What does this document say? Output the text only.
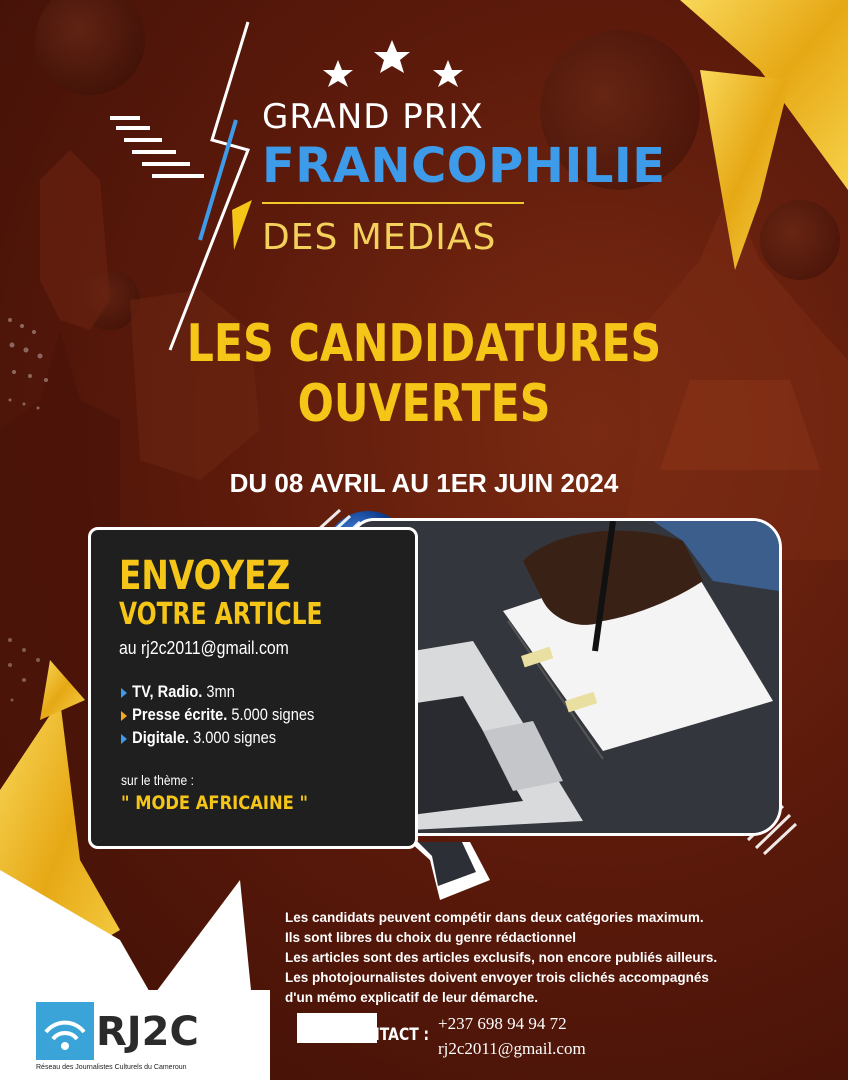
GRAND PRIX
FRANCOPHILIE
DES MEDIAS
LES CANDIDATURES
OUVERTES
DU 08 AVRIL AU 1ER JUIN 2024
ENVOYEZ
VOTRE ARTICLE
au rj2c2011@gmail.com
TV, Radio. 3mn
Presse écrite. 5.000 signes
Digitale. 3.000 signes
sur le thème :
" MODE AFRICAINE "
Les candidats peuvent compétir dans deux catégories maximum.
Ils sont libres du choix du genre rédactionnel
Les articles sont des articles exclusifs, non encore publiés ailleurs.
Les photojournalistes doivent envoyer trois clichés accompagnés
d'un mémo explicatif de leur démarche.
CONTACT :
+237 698 94 94 72
rj2c2011@gmail.com
RJ2C
Réseau des Journalistes Culturels du Cameroun
